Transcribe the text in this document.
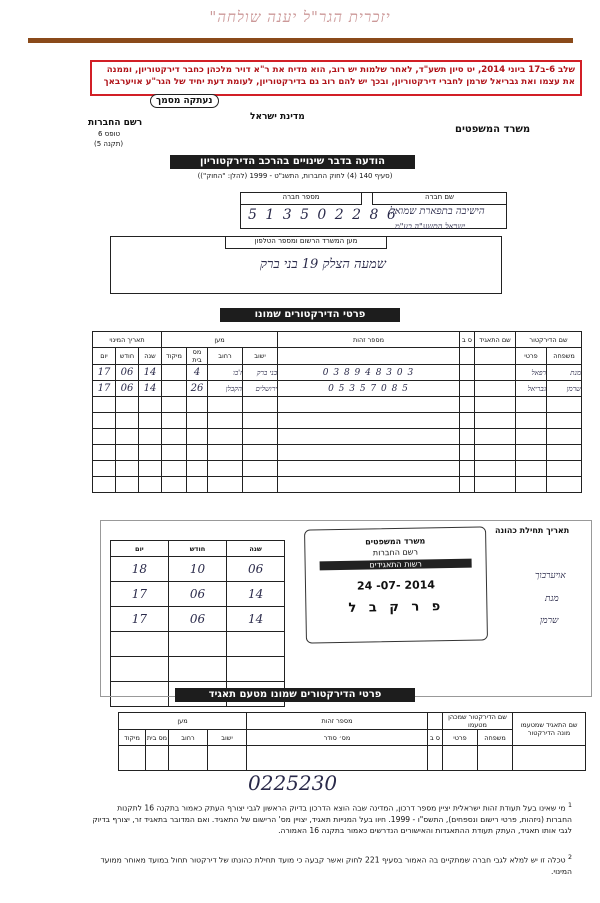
"יזכרית הגר"ל יענה שולחה
שלב 6-ב17 ביוני 2014, יט סיון תשע"ד, לאחר שלמות יש רוב, הוא מדיח את ר"א דויר מלכהן כחבר דירקטוריון, וממנה את עצמו ואת גבריאל שרמן לחברי דירקטוריון, ובכך יש להם רוב גם בדירקטוריון, לעומת דעת יחיד של הגר"ע אויערבאך
נעתקה מסמך
מדינת ישראל
משרד המשפטים
רשם החברות
טופס 6
(תקנה 5)
הודעה בדבר שינויים בהרכב הדירקטוריון
(סעיף 140 (4) לחוק החברות, התשנ"ט - 1999 (להלן: "החוק"))
שם חברה
מספר חברה
5 1 3 5 0 2 2 8 6
הישיבה בתפארת שמואל
ישראל התשע"ה בע"מ
מען המשרד הרשום ומספר הטלפון
שמעה הצלק 19 בני ברק
פרטי הדירקטורים שמונו
תאריך המינוי			מען				מספר זהות	ס ב	שם התאגיד	שם הדירקטור	
יום	חודש	שנה	מיקוד	מס בית	רחוב	ישוב				פרטי	משפחה
17	06	14		4	ז'בו	בני ברק	0 3 8 9 4 8 3 0 3			רפאל	מנת
17	06	14		26	הקבלן	ירושלים	0 5 3 5 7 0 8 5			גבריאל	שרמן

יום	חודש	שנה
18	10	06
17	06	14
17	06	14

תאריך תחילת כהונה
אויערבוך
מנת
שרמן
משרד המשפטים
רשם החברות
רשות התאגידים
24 -07- 2014
פ ר ק ב ל
פרטי הדירקטורים שמונו מטעם תאגיד
מען				מספר זהות		שם הדירקטור שמכהן מטעמו		שם התאגיד שמטעמו מונה הדירקטור
מיקוד	מס בית	רחוב	ישוב	מס׳ סודר	ס ב	פרטי	משפחה	

0225230
$^1$ מי שאינו בעל תעודת זהות ישראלית יציין מספר דרכון, המדינה שבה הוצא הדרכון בדיוק הראשון לגבי יצורף העתק כאמור בתקנה 16 לתקנות החברות (ניזהות, פרטי רישום ונספחים), התשס"ו - 1999. חיוו בעל המנייות תאגיד, יצויין מס' הרישום של התאגיד. ואם המדובר בתאגיד זר, יצורף בדיוק לגבי אותו תאגיד, העתק תעודת ההתאגדות והאישורים הנדרשים כאמור בתקנה 16 האמורה.
$^2$ טכלה זו יש למלא לגבי חברה שמתקיים בה האמור בסעיף 221 לחוק ואשר קבעה כי מועד תחילת כהונתו של דירקטור תחול במועד מאוחר ממועד המינוי.
